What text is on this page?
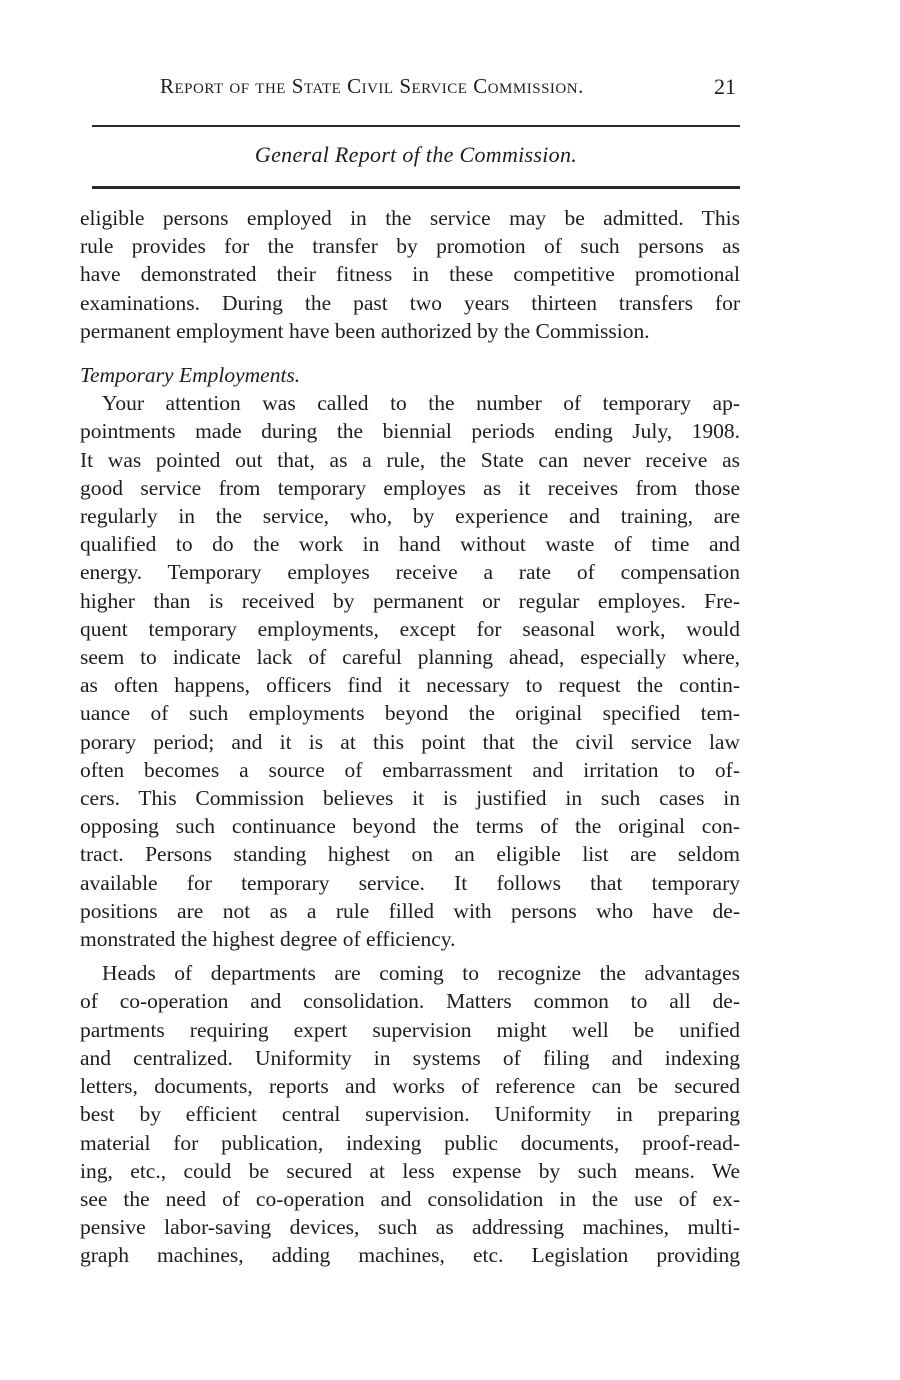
Report of the State Civil Service Commission.	21
General Report of the Commission.
eligible persons employed in the service may be admitted. This
rule provides for the transfer by promotion of such persons as
have demonstrated their fitness in these competitive promotional
examinations. During the past two years thirteen transfers for
permanent employment have been authorized by the Commission.
Temporary Employments.
Your attention was called to the number of temporary ap-
pointments made during the biennial periods ending July, 1908.
It was pointed out that, as a rule, the State can never receive as
good service from temporary employes as it receives from those
regularly in the service, who, by experience and training, are
qualified to do the work in hand without waste of time and
energy. Temporary employes receive a rate of compensation
higher than is received by permanent or regular employes. Fre-
quent temporary employments, except for seasonal work, would
seem to indicate lack of careful planning ahead, especially where,
as often happens, officers find it necessary to request the contin-
uance of such employments beyond the original specified tem-
porary period; and it is at this point that the civil service law
often becomes a source of embarrassment and irritation to of-
cers. This Commission believes it is justified in such cases in
opposing such continuance beyond the terms of the original con-
tract. Persons standing highest on an eligible list are seldom
available for temporary service. It follows that temporary
positions are not as a rule filled with persons who have de-
monstrated the highest degree of efficiency.
Heads of departments are coming to recognize the advantages
of co-operation and consolidation. Matters common to all de-
partments requiring expert supervision might well be unified
and centralized. Uniformity in systems of filing and indexing
letters, documents, reports and works of reference can be secured
best by efficient central supervision. Uniformity in preparing
material for publication, indexing public documents, proof-read-
ing, etc., could be secured at less expense by such means. We
see the need of co-operation and consolidation in the use of ex-
pensive labor-saving devices, such as addressing machines, multi-
graph machines, adding machines, etc. Legislation providing
